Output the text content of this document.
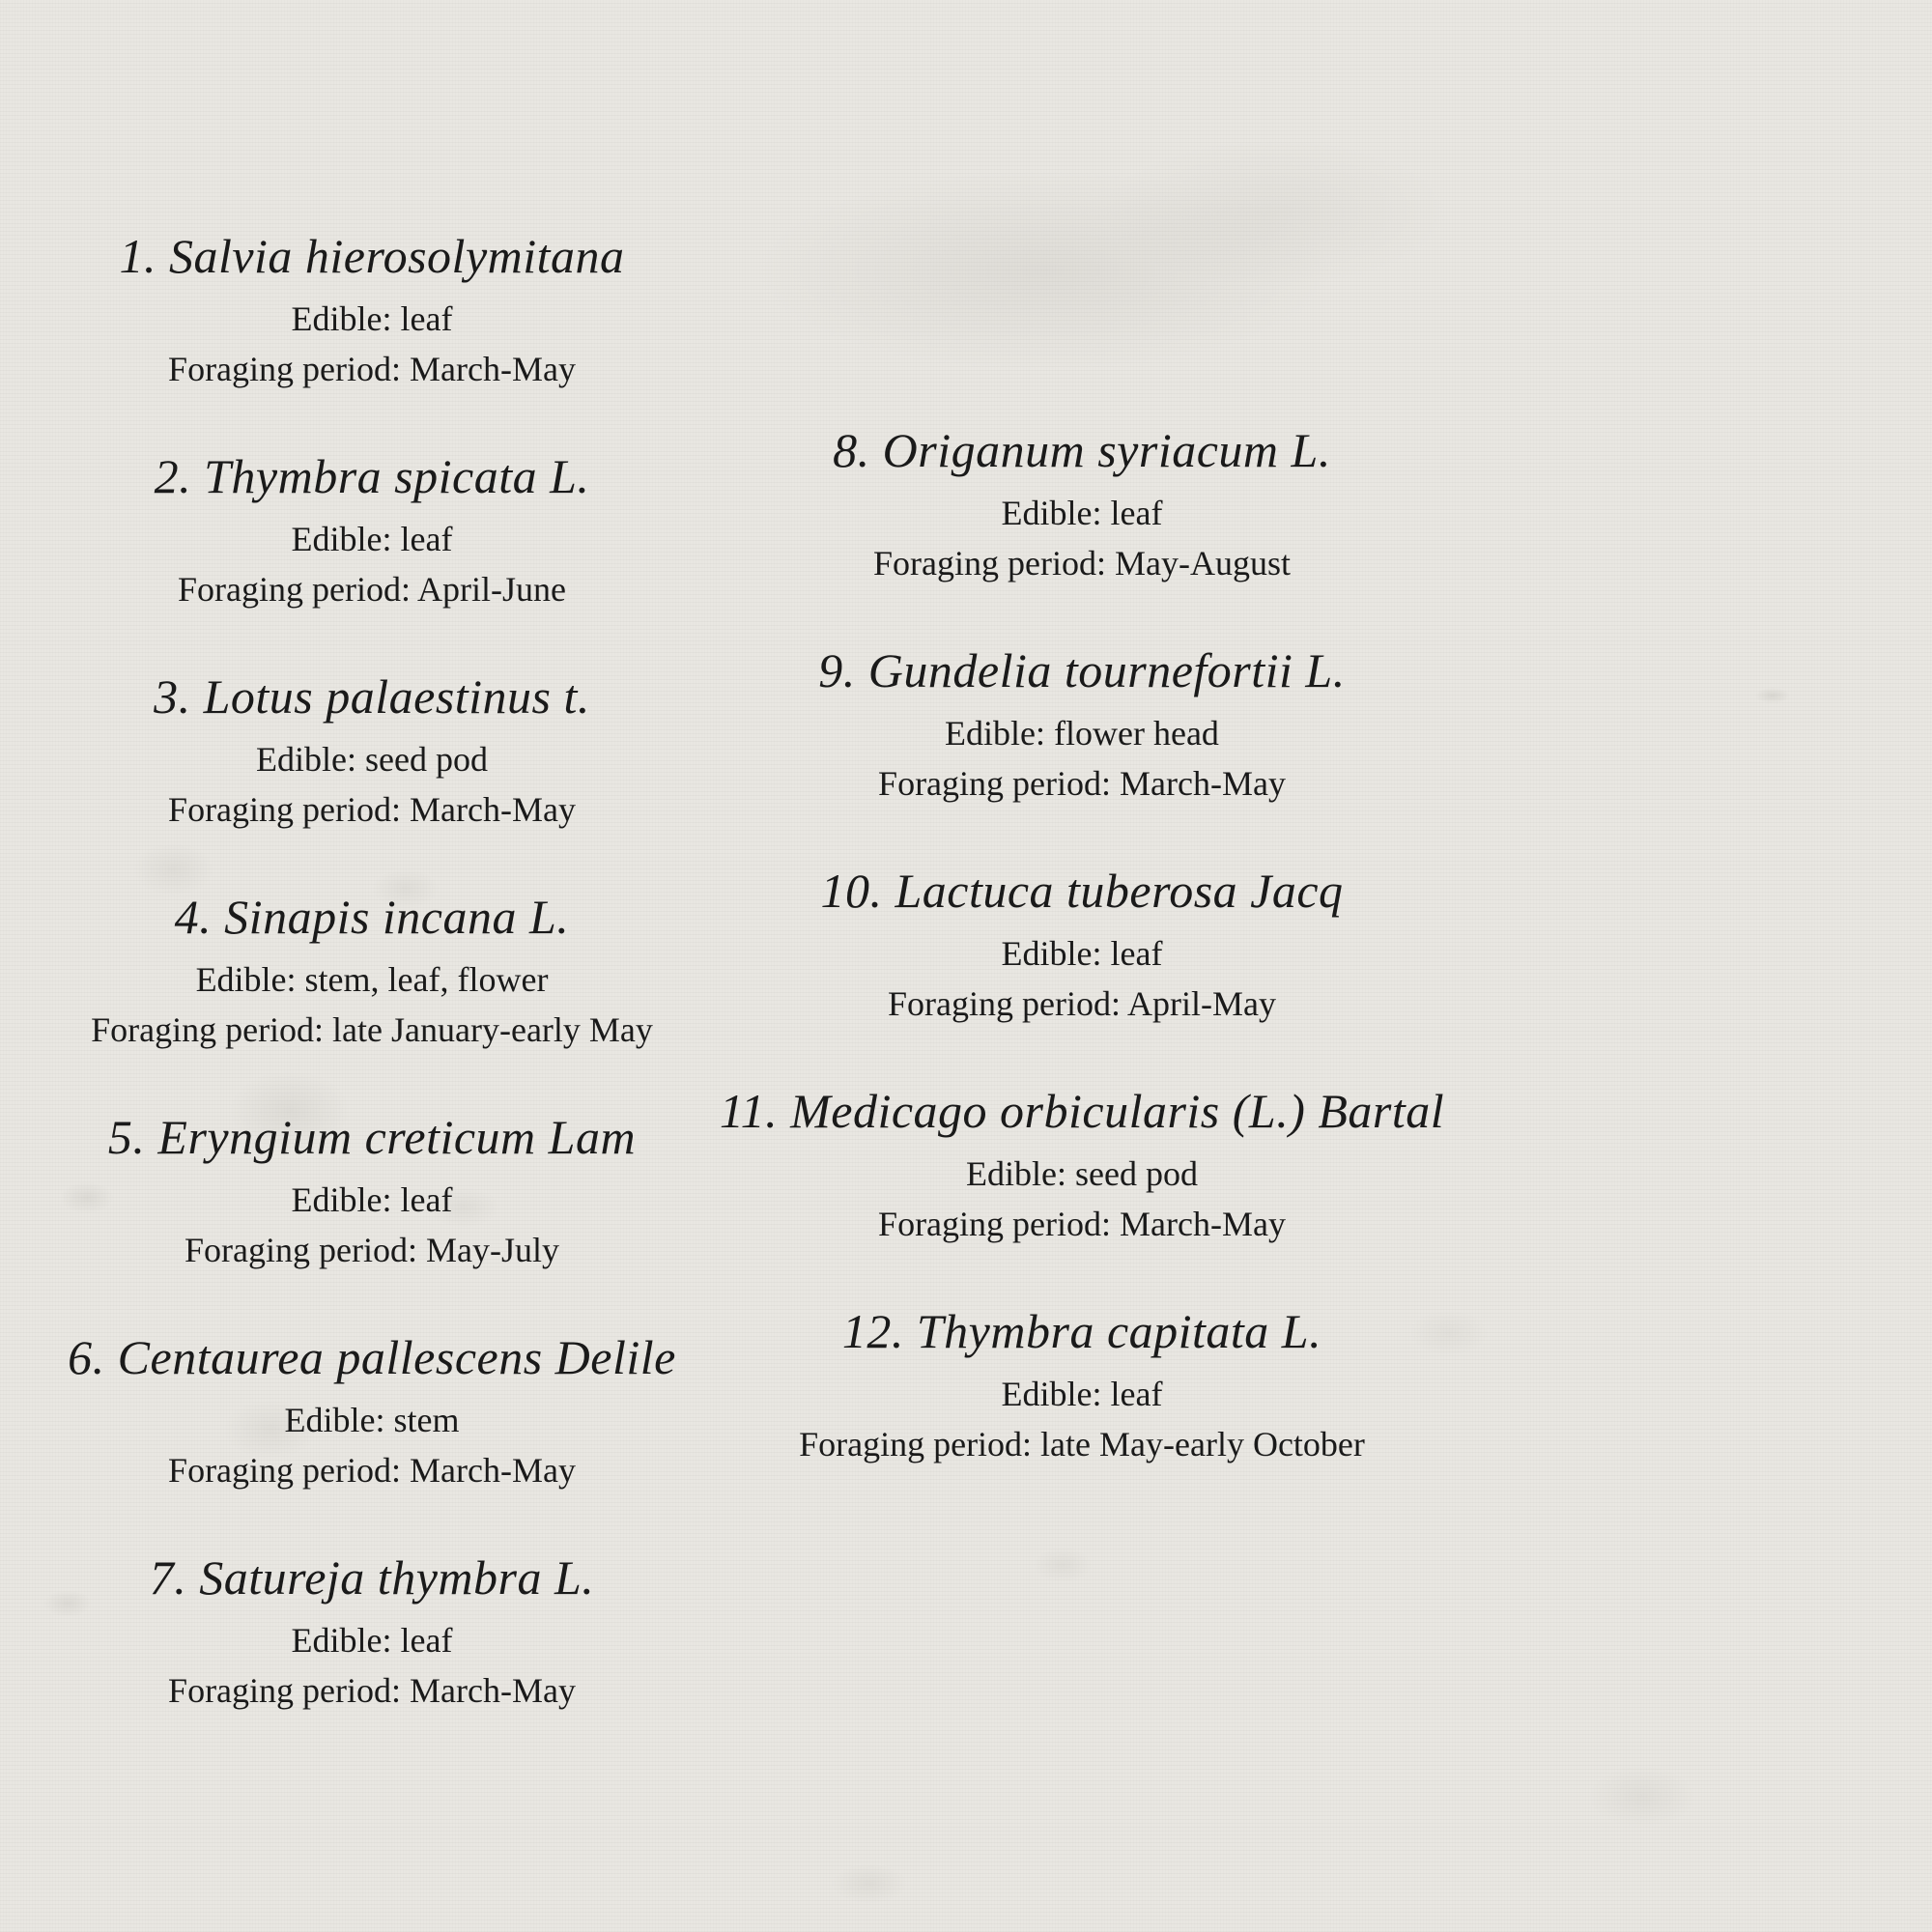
1. Salvia hierosolymitana
Edible: leaf
Foraging period: March-May
2. Thymbra spicata L.
Edible: leaf
Foraging period: April-June
3. Lotus palaestinus t.
Edible: seed pod
Foraging period: March-May
4. Sinapis incana L.
Edible: stem, leaf, flower
Foraging period: late January-early May
5. Eryngium creticum Lam
Edible: leaf
Foraging period: May-July
6. Centaurea pallescens Delile
Edible: stem
Foraging period: March-May
7. Satureja thymbra L.
Edible: leaf
Foraging period: March-May
8. Origanum syriacum L.
Edible: leaf
Foraging period: May-August
9. Gundelia tournefortii L.
Edible: flower head
Foraging period: March-May
10. Lactuca tuberosa Jacq
Edible: leaf
Foraging period: April-May
11. Medicago orbicularis (L.) Bartal
Edible: seed pod
Foraging period: March-May
12. Thymbra capitata L.
Edible: leaf
Foraging period: late May-early October
